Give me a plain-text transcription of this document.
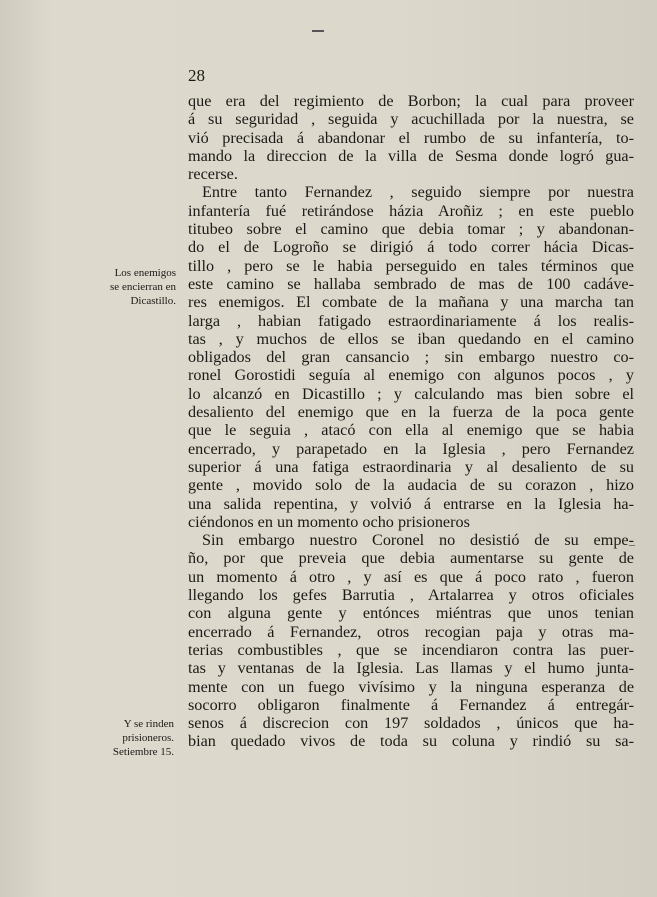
28
Los enemigos
se encierran en
Dicastillo.
Y se rinden
prisioneros.
Setiembre 15.
que era del regimiento de Borbon; la cual para proveer
á su seguridad , seguida y acuchillada por la nuestra, se
vió precisada á abandonar el rumbo de su infantería, to-
mando la direccion de la villa de Sesma donde logró gua-
recerse.
Entre tanto Fernandez , seguido siempre por nuestra
infantería fué retirándose házia Aroñiz ; en este pueblo
titubeo sobre el camino que debia tomar ; y abandonan-
do el de Logroño se dirigió á todo correr hácia Dicas-
tillo , pero se le habia perseguido en tales términos que
este camino se hallaba sembrado de mas de 100 cadáve-
res enemigos. El combate de la mañana y una marcha tan
larga , habian fatigado estraordinariamente á los realis-
tas , y muchos de ellos se iban quedando en el camino
obligados del gran cansancio ; sin embargo nuestro co-
ronel Gorostidi seguía al enemigo con algunos pocos , y
lo alcanzó en Dicastillo ; y calculando mas bien sobre el
desaliento del enemigo que en la fuerza de la poca gente
que le seguia , atacó con ella al enemigo que se habia
encerrado, y parapetado en la Iglesia , pero Fernandez
superior á una fatiga estraordinaria y al desaliento de su
gente , movido solo de la audacia de su corazon , hizo
una salida repentina, y volvió á entrarse en la Iglesia ha-
ciéndonos en un momento ocho prisioneros
Sin embargo nuestro Coronel no desistió de su empe-
ño, por que preveia que debia aumentarse su gente de
un momento á otro , y así es que á poco rato , fueron
llegando los gefes Barrutia , Artalarrea y otros oficiales
con alguna gente y entónces miéntras que unos tenian
encerrado á Fernandez, otros recogian paja y otras ma-
terias combustibles , que se incendiaron contra las puer-
tas y ventanas de la Iglesia. Las llamas y el humo junta-
mente con un fuego vivísimo y la ninguna esperanza de
socorro obligaron finalmente á Fernandez á entregár-
senos á discrecion con 197 soldados , únicos que ha-
bian quedado vivos de toda su coluna y rindió su sa-
